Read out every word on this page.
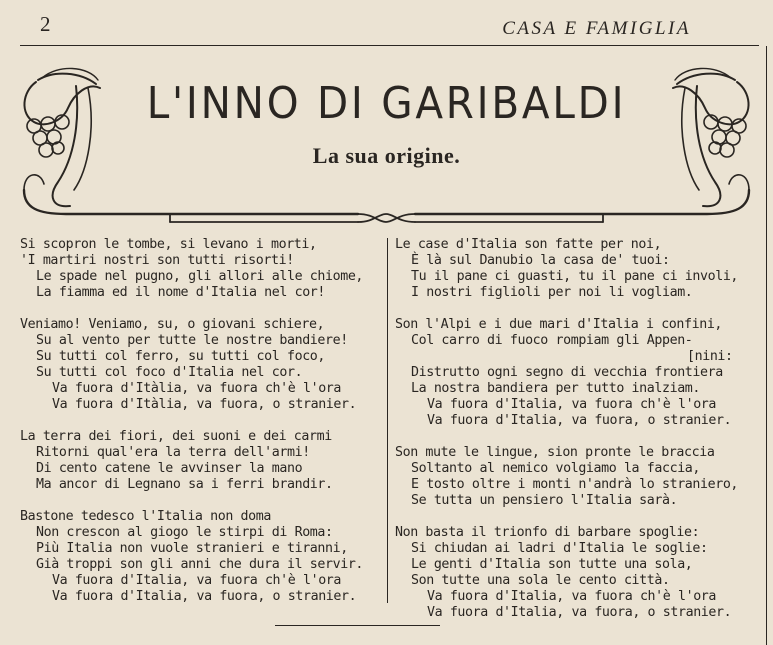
2	CASA E FAMIGLIA
L'INNO DI GARIBALDI
La sua origine.
Si scopron le tombe, si levano i morti,
'I martiri nostri son tutti risorti!
Le spade nel pugno, gli allori alle chiome,
La fiamma ed il nome d'Italia nel cor!
Veniamo! Veniamo, su, o giovani schiere,
Su al vento per tutte le nostre bandiere!
Su tutti col ferro, su tutti col foco,
Su tutti col foco d'Italia nel cor.
Va fuora d'Itàlia, va fuora ch'è l'ora
Va fuora d'Itàlia, va fuora, o stranier.
La terra dei fiori, dei suoni e dei carmi
Ritorni qual'era la terra dell'armi!
Di cento catene le avvinser la mano
Ma ancor di Legnano sa i ferri brandir.
Bastone tedesco l'Italia non doma
Non crescon al giogo le stirpi di Roma:
Più Italia non vuole stranieri e tiranni,
Già troppi son gli anni che dura il servir.
Va fuora d'Italia, va fuora ch'è l'ora
Va fuora d'Italia, va fuora, o stranier.
Le case d'Italia son fatte per noi,
È là sul Danubio la casa de' tuoi:
Tu il pane ci guasti, tu il pane ci involi,
I nostri figlioli per noi li vogliam.
Son l'Alpi e i due mari d'Italia i confini,
Col carro di fuoco rompiam gli Appen-
[nini:
Distrutto ogni segno di vecchia frontiera
La nostra bandiera per tutto inalziam.
Va fuora d'Italia, va fuora ch'è l'ora
Va fuora d'Italia, va fuora, o stranier.
Son mute le lingue, sion pronte le braccia
Soltanto al nemico volgiamo la faccia,
E tosto oltre i monti n'andrà lo straniero,
Se tutta un pensiero l'Italia sarà.
Non basta il trionfo di barbare spoglie:
Si chiudan ai ladri d'Italia le soglie:
Le genti d'Italia son tutte una sola,
Son tutte una sola le cento città.
Va fuora d'Italia, va fuora ch'è l'ora
Va fuora d'Italia, va fuora, o stranier.
